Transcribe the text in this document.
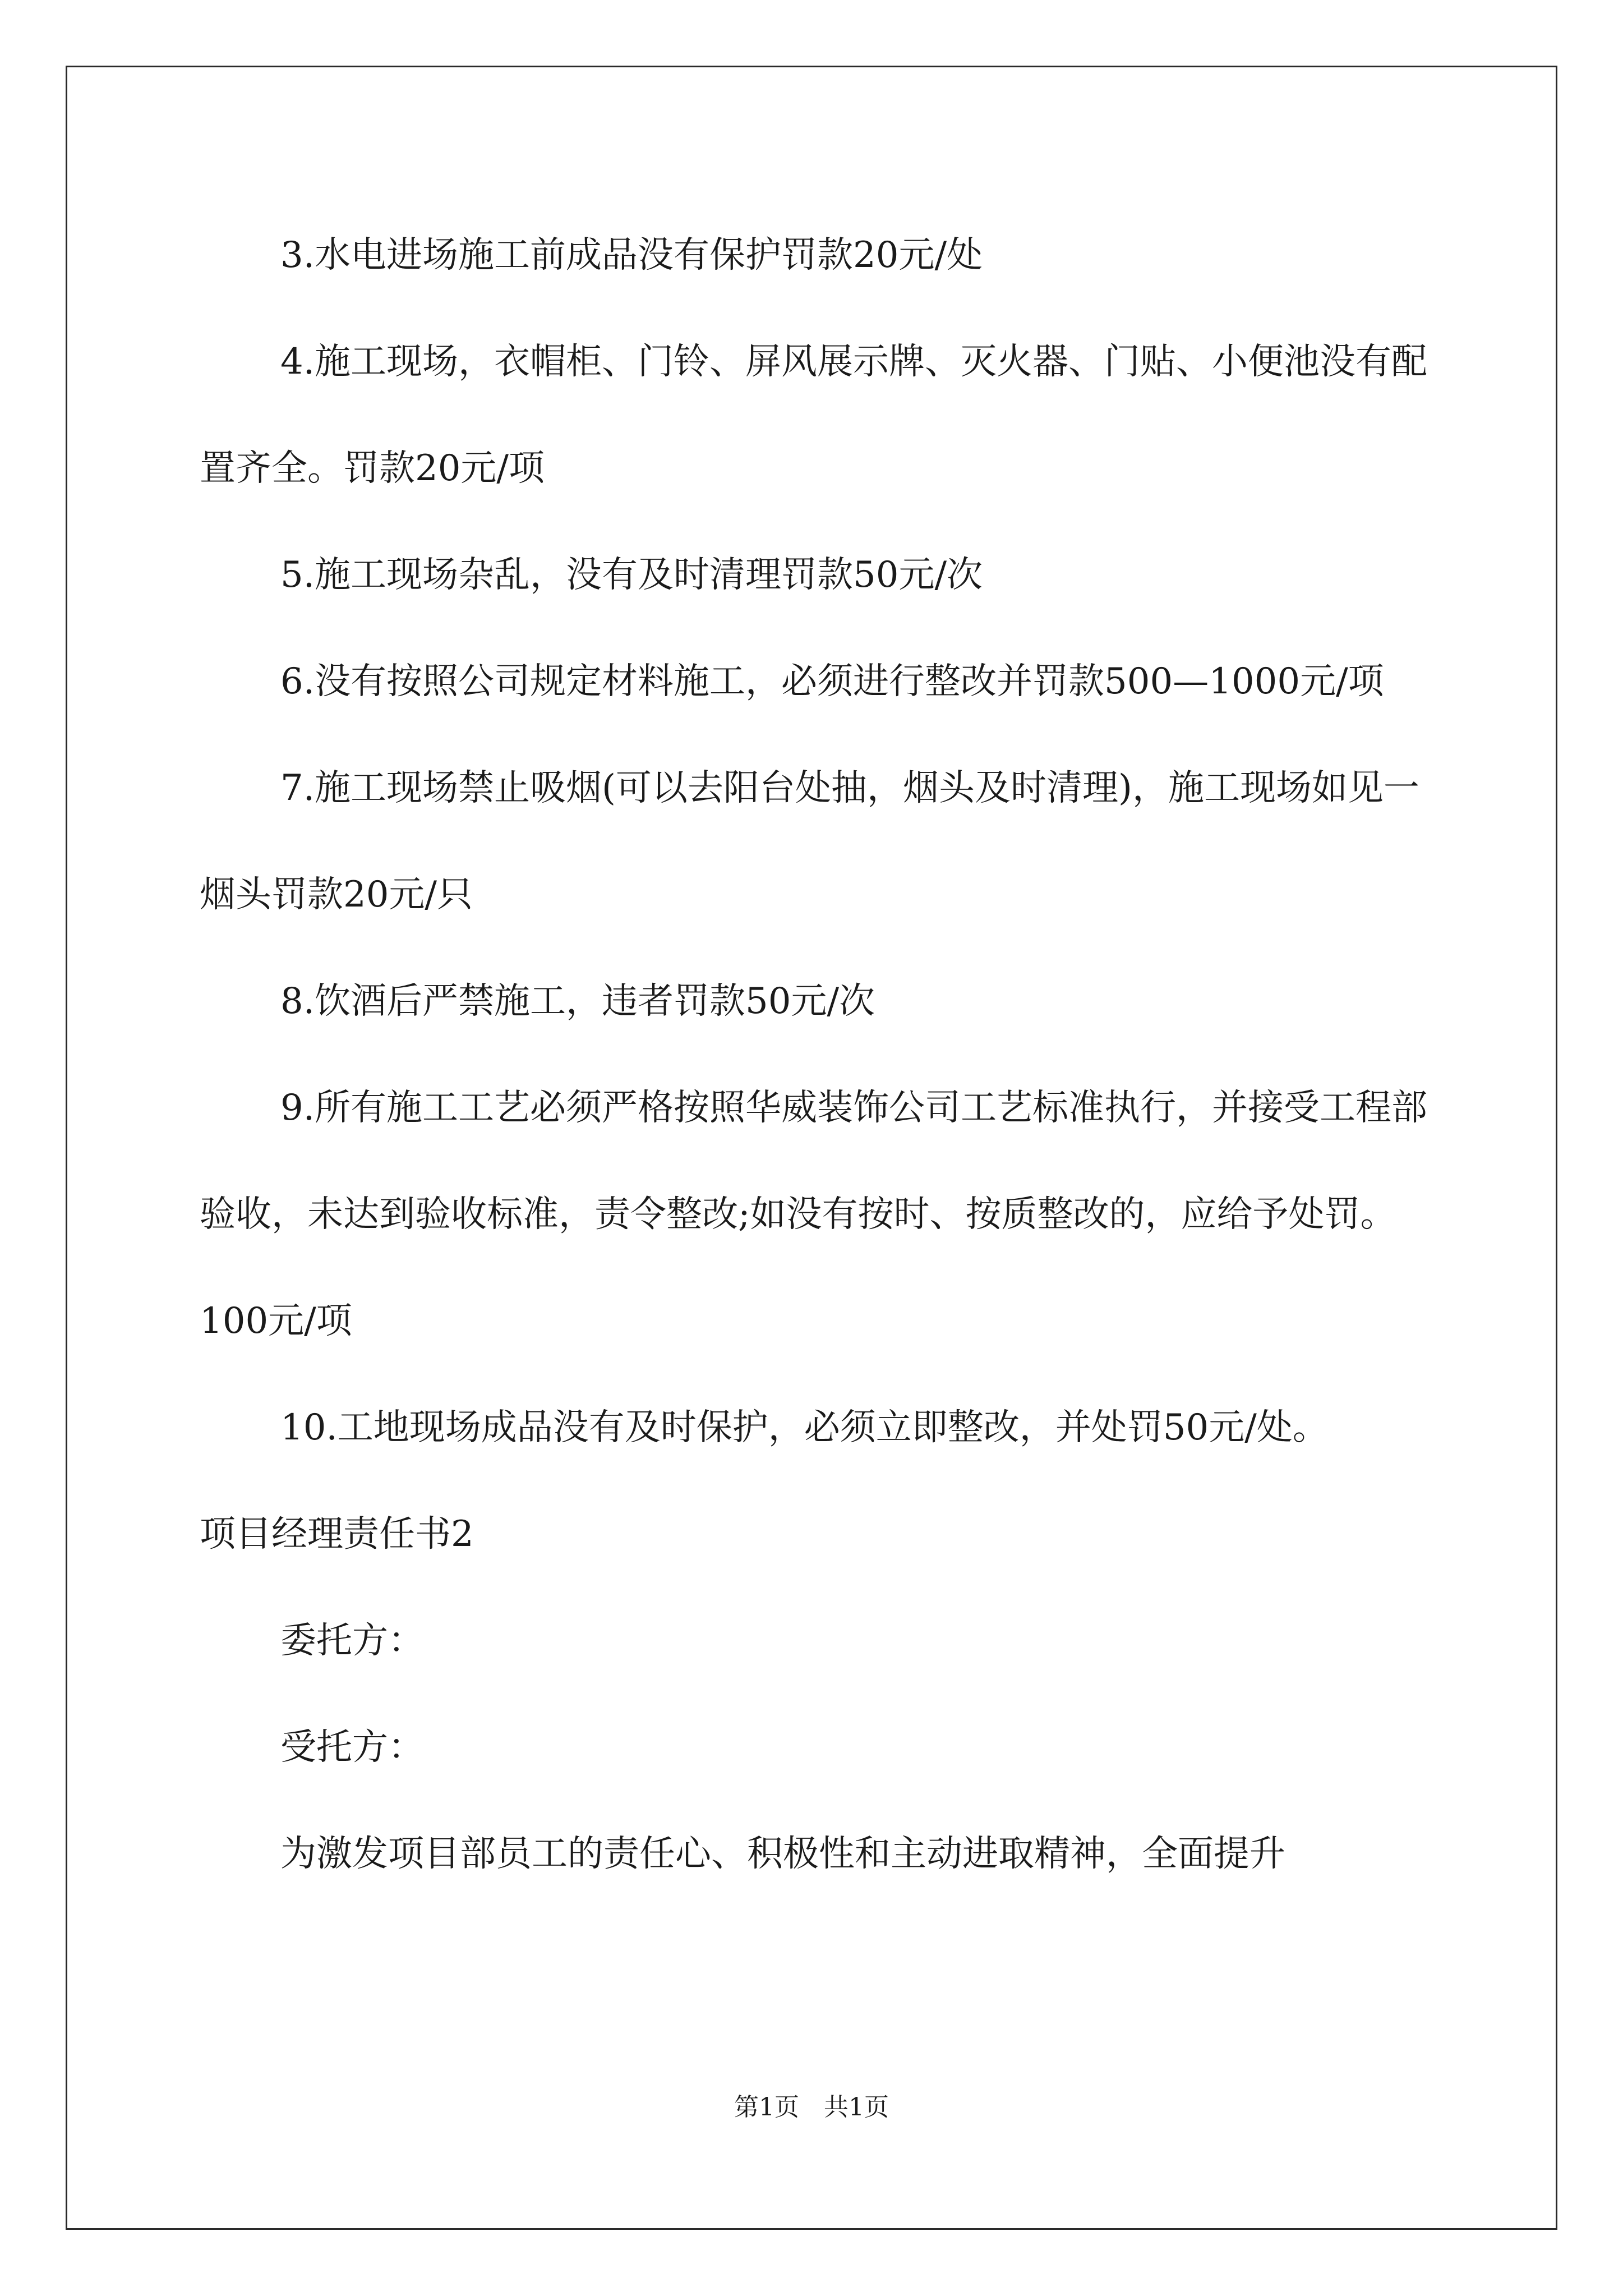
3.水电进场施工前成品没有保护罚款20元/处

4.施工现场，衣帽柜、门铃、屏风展示牌、灭火器、门贴、小便池没有配置齐全。罚款20元/项

5.施工现场杂乱，没有及时清理罚款50元/次

6.没有按照公司规定材料施工，必须进行整改并罚款500—1000元/项

7.施工现场禁止吸烟(可以去阳台处抽，烟头及时清理)，施工现场如见一烟头罚款20元/只

8.饮酒后严禁施工，违者罚款50元/次

9.所有施工工艺必须严格按照华威装饰公司工艺标准执行，并接受工程部验收，未达到验收标准，责令整改;如没有按时、按质整改的，应给予处罚。100元/项

10.工地现场成品没有及时保护，必须立即整改，并处罚50元/处。

项目经理责任书2

委托方：

受托方：

为激发项目部员工的责任心、积极性和主动进取精神，全面提升

第1页　共1页
